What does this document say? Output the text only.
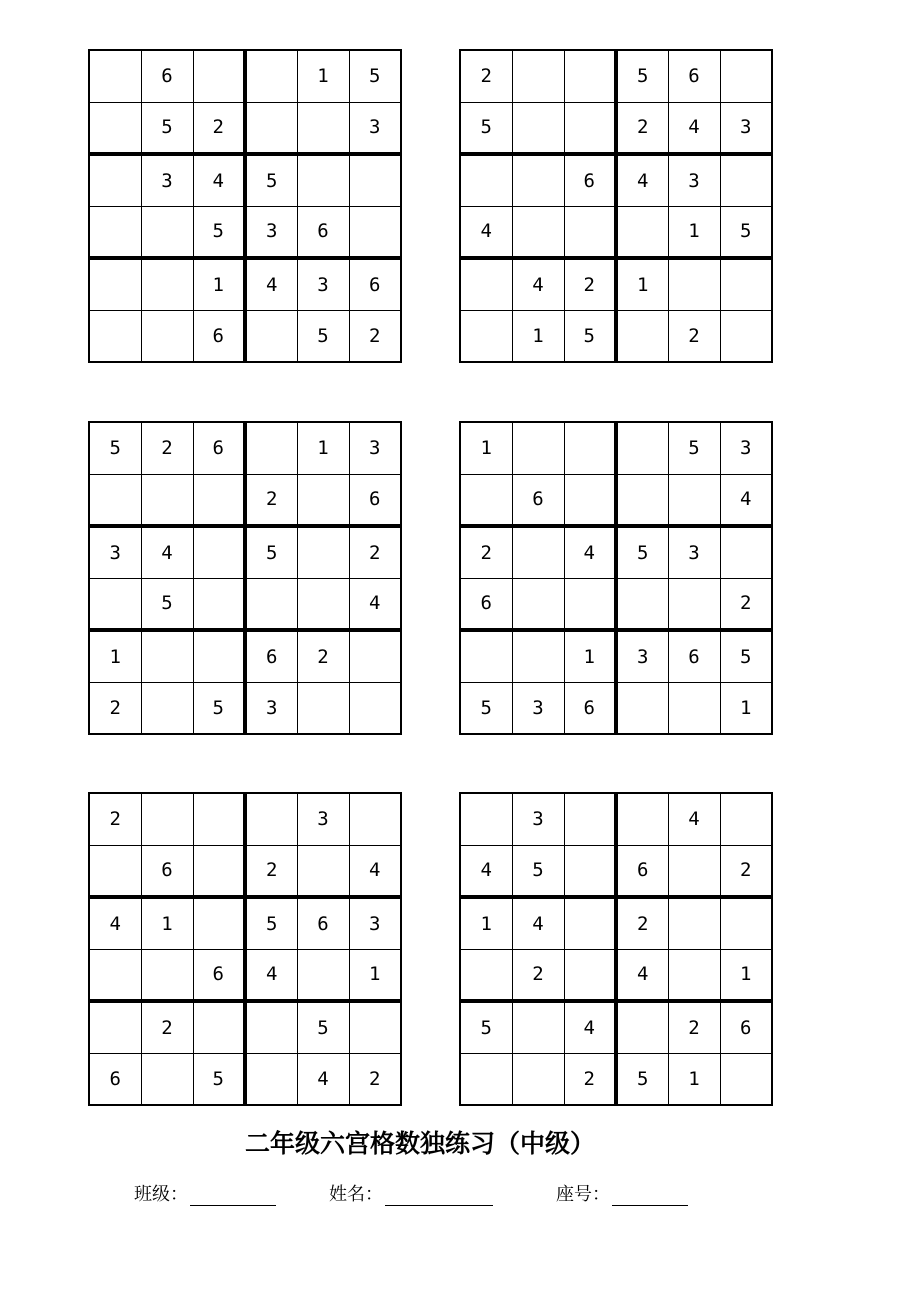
	6			1	5
	5	2			3
	3	4	5		
		5	3	6	
		1	4	3	6
		6		5	2
2			5	6	
5			2	4	3
		6	4	3	
4				1	5
	4	2	1		
	1	5		2	
5	2	6		1	3
			2		6
3	4		5		2
	5				4
1			6	2	
2		5	3		
1				5	3
	6				4
2		4	5	3	
6					2
		1	3	6	5
5	3	6			1
2				3	
	6		2		4
4	1		5	6	3
		6	4		1
	2			5	
6		5		4	2
	3			4	
4	5		6		2
1	4		2		
	2		4		1
5		4		2	6
		2	5	1	
二年级六宫格数独练习（中级）
班级：	姓名：	座号：
